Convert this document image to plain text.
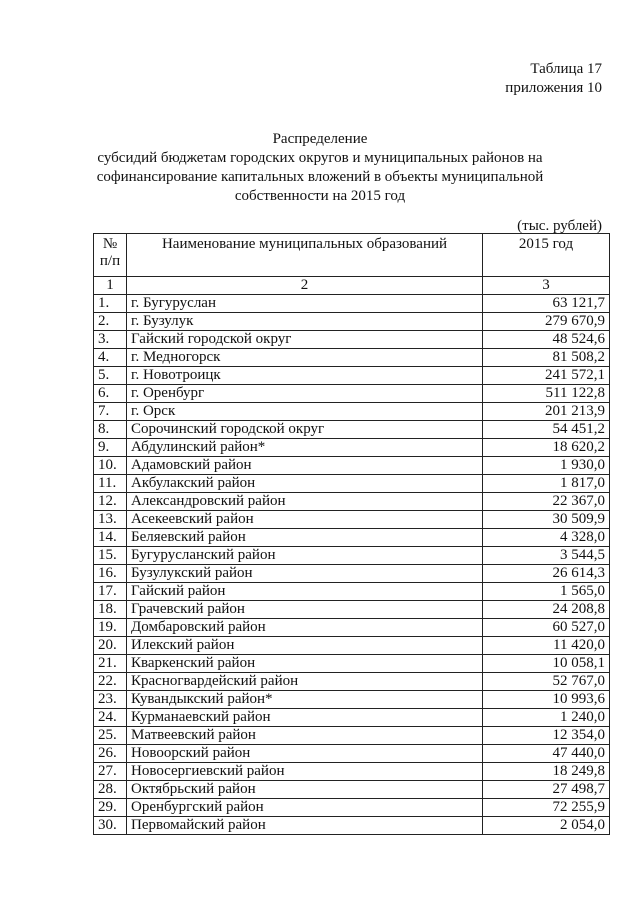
Таблица 17
приложения 10
Распределение
субсидий бюджетам городских округов и муниципальных районов на
софинансирование капитальных вложений в объекты муниципальной
собственности на 2015 год
(тыс. рублей)
№
п/п	Наименование муниципальных образований	2015 год
1	2	3
1.	г. Бугуруслан	63 121,7
2.	г. Бузулук	279 670,9
3.	Гайский городской округ	48 524,6
4.	г. Медногорск	81 508,2
5.	г. Новотроицк	241 572,1
6.	г. Оренбург	511 122,8
7.	г. Орск	201 213,9
8.	Сорочинский городской округ	54 451,2
9.	Абдулинский район*	18 620,2
10.	Адамовский район	1 930,0
11.	Акбулакский район	1 817,0
12.	Александровский район	22 367,0
13.	Асекеевский район	30 509,9
14.	Беляевский район	4 328,0
15.	Бугурусланский район	3 544,5
16.	Бузулукский район	26 614,3
17.	Гайский район	1 565,0
18.	Грачевский район	24 208,8
19.	Домбаровский район	60 527,0
20.	Илекский район	11 420,0
21.	Кваркенский район	10 058,1
22.	Красногвардейский район	52 767,0
23.	Кувандыкский район*	10 993,6
24.	Курманаевский район	1 240,0
25.	Матвеевский район	12 354,0
26.	Новоорский район	47 440,0
27.	Новосергиевский район	18 249,8
28.	Октябрьский район	27 498,7
29.	Оренбургский район	72 255,9
30.	Первомайский район	2 054,0
